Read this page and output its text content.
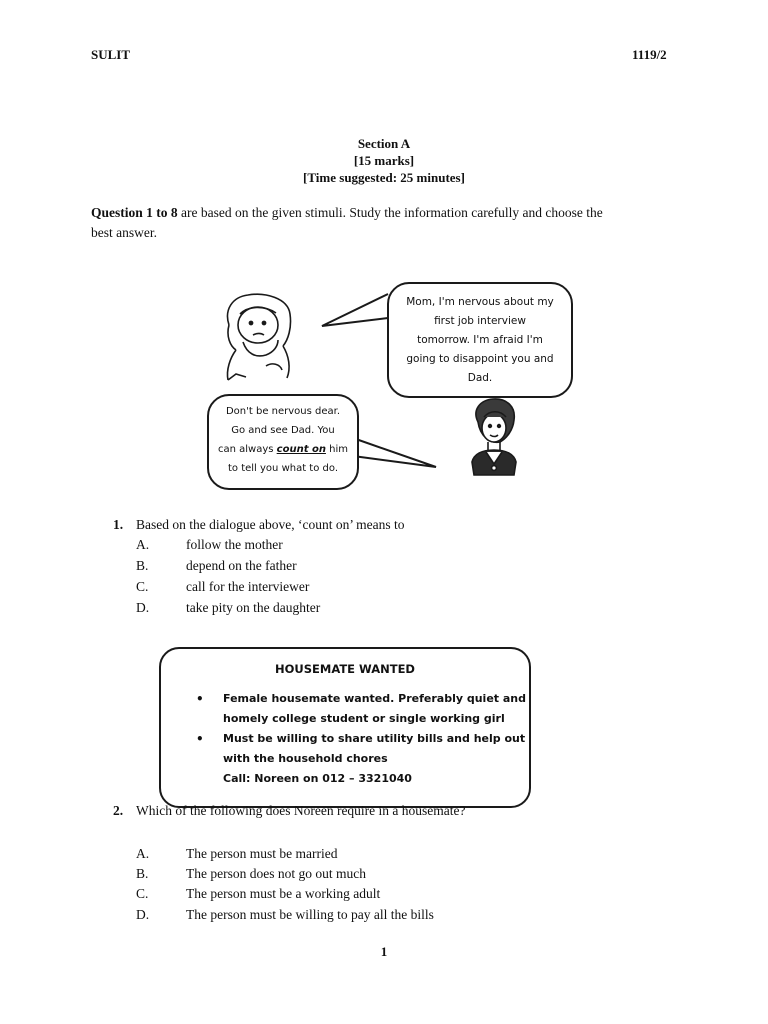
SULIT	1119/2
Section A
[15 marks]
[Time suggested: 25 minutes]
Question 1 to 8 are based on the given stimuli. Study the information carefully and choose the
best answer.
Mom, I'm nervous about my
first job interview
tomorrow. I'm afraid I'm
going to disappoint you and
Dad.
Don't be nervous dear.
Go and see Dad. You
can always count on him
to tell you what to do.
1. Based on the dialogue above, ‘count on’ means to
A.	follow the mother
B.	depend on the father
C.	call for the interviewer
D.	take pity on the daughter
HOUSEMATE WANTED
• Female housemate wanted. Preferably quiet and
homely college student or single working girl
• Must be willing to share utility bills and help out
with the household chores
Call: Noreen on 012 – 3321040
2. Which of the following does Noreen require in a housemate?
A.	The person must be married
B.	The person does not go out much
C.	The person must be a working adult
D.	The person must be willing to pay all the bills
1
